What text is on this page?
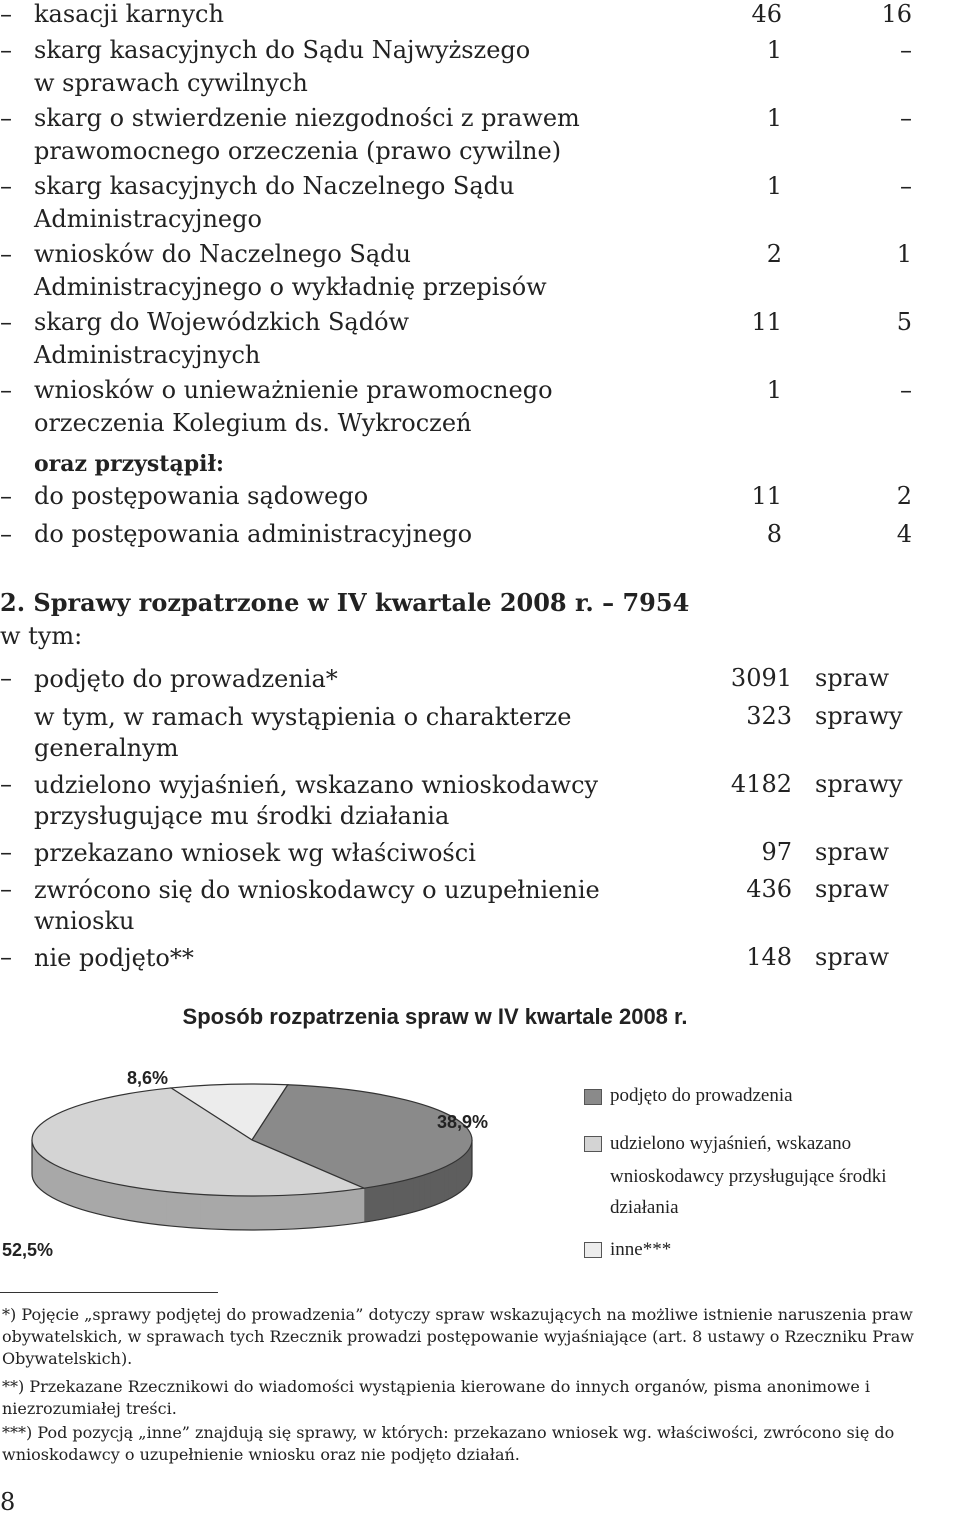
– kasacji karnych	46	16
– skarg kasacyjnych do Sądu Najwyższego
w sprawach cywilnych
1	–
– skarg o stwierdzenie niezgodności z prawem
prawomocnego orzeczenia (prawo cywilne)
1	–
– skarg kasacyjnych do Naczelnego Sądu
Administracyjnego
1	–
– wniosków do Naczelnego Sądu
Administracyjnego o wykładnię przepisów
2	1
– skarg do Wojewódzkich Sądów
Administracyjnych
11	5
– wniosków o unieważnienie prawomocnego
orzeczenia Kolegium ds. Wykroczeń
1	–
oraz przystąpił:
– do postępowania sądowego	11	2
– do postępowania administracyjnego	8	4
2. Sprawy rozpatrzone w IV kwartale 2008 r. – 7954
w tym:
– podjęto do prowadzenia*	3091 spraw
w tym, w ramach wystąpienia o charakterze
generalnym
323 sprawy
– udzielono wyjaśnień, wskazano wnioskodawcy
przysługujące mu środki działania
4182 sprawy
– przekazano wniosek wg właściwości	97 spraw
– zwrócono się do wnioskodawcy o uzupełnienie
wniosku
436 spraw
– nie podjęto**	148 spraw
Sposób rozpatrzenia spraw w IV kwartale 2008 r.
8,6%
38,9%
52,5%
podjęto do prowadzenia
udzielono wyjaśnień, wskazano
wnioskodawcy przysługujące środki
działania
inne***
*) Pojęcie „sprawy podjętej do prowadzenia” dotyczy spraw wskazujących na możliwe istnienie naruszenia praw obywatelskich, w sprawach tych Rzecznik prowadzi postępowanie wyjaśniające (art. 8 ustawy o Rzeczniku Praw Obywatelskich).
**) Przekazane Rzecznikowi do wiadomości wystąpienia kierowane do innych organów, pisma anonimowe i niezrozumiałej treści.
***) Pod pozycją „inne” znajdują się sprawy, w których: przekazano wniosek wg. właściwości, zwrócono się do wnioskodawcy o uzupełnienie wniosku oraz nie podjęto działań.
8
